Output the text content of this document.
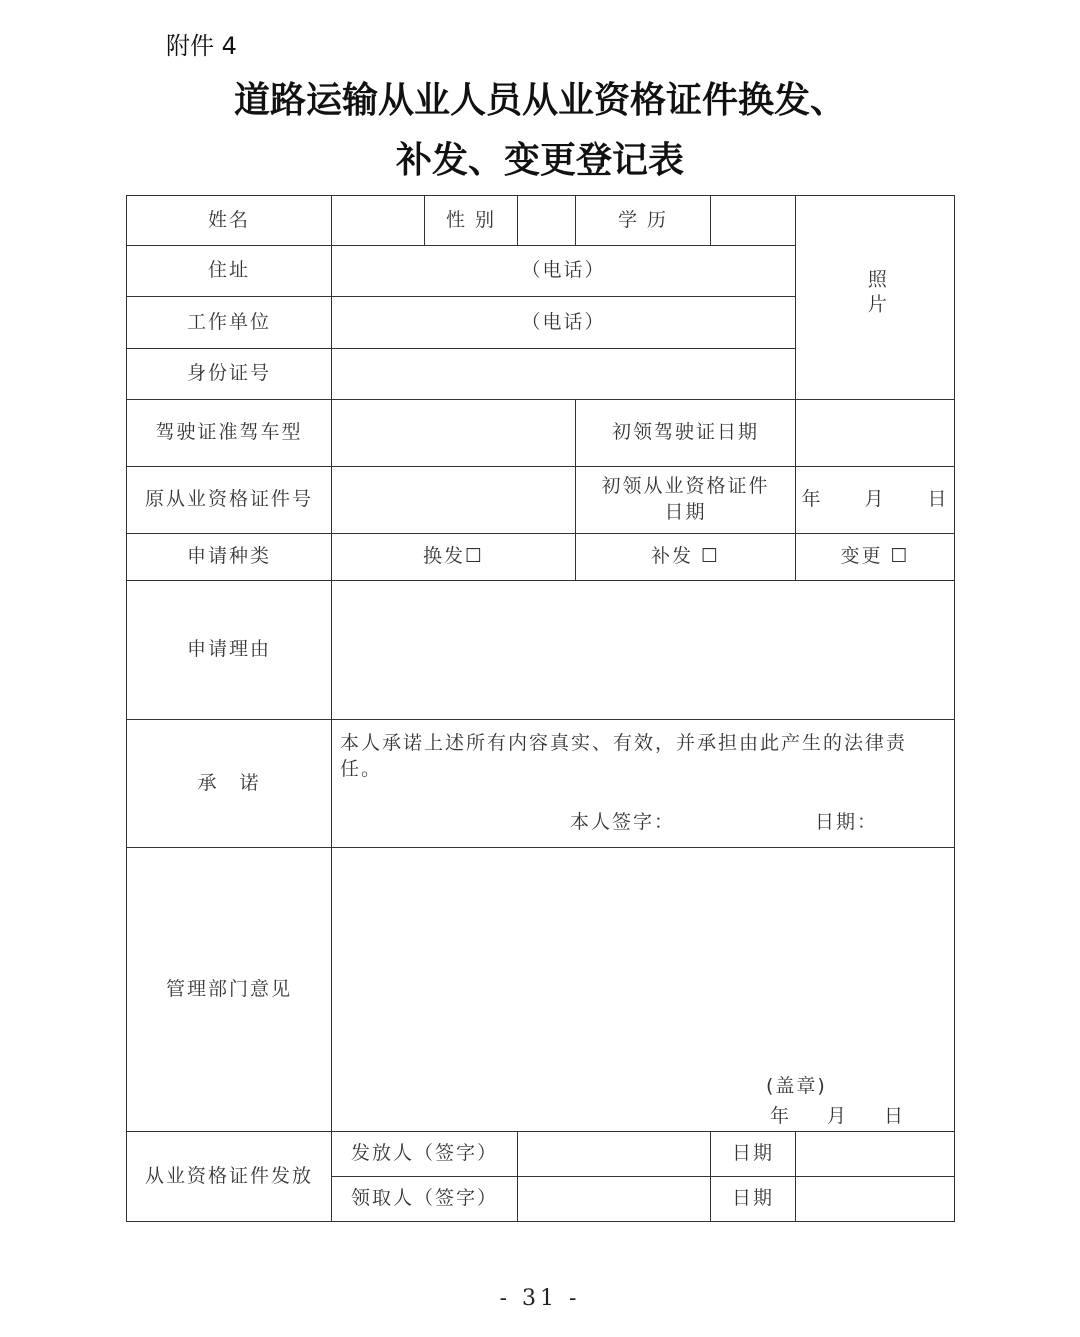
附件 4
道路运输从业人员从业资格证件换发、
补发、变更登记表
姓名		性 别		学 历		照片
住址	（电话）					
工作单位	（电话）					
身份证号						
驾驶证准驾车型				初领驾驶证日期		
原从业资格证件号				初领从业资格证件日期		年　　月　　日
申请种类	换发☐			补发 ☐		变更 ☐
申请理由						
承　诺	本人承诺上述所有内容真实、有效，并承担由此产生的法律责任。
本人签字： 日期：					

管理部门意见	(盖章)
年　　月　　日					

从业资格证件发放	发放人（签字）				日期	
	领取人（签字）				日期	
- 31 -
